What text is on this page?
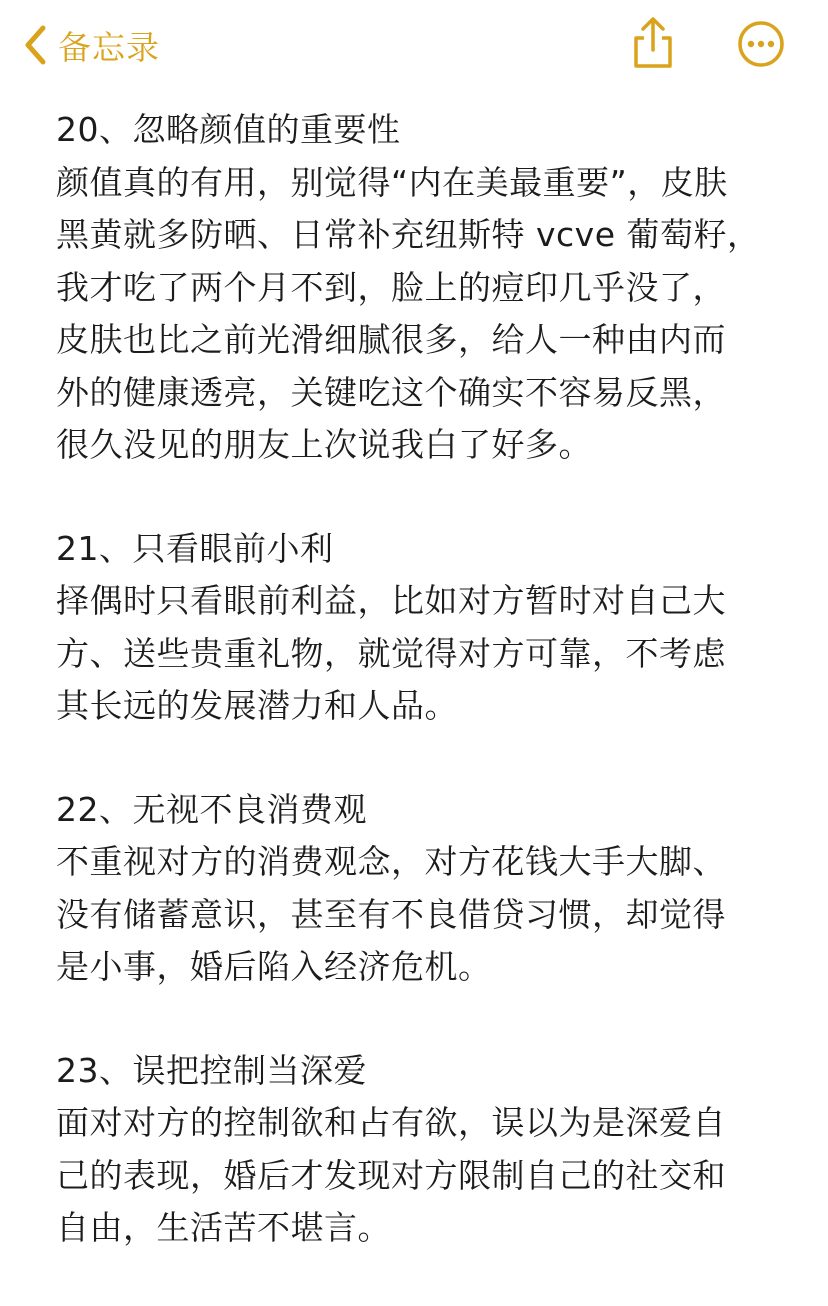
备忘录
20、忽略颜值的重要性
颜值真的有用，别觉得“内在美最重要”，皮肤
黑黄就多防晒、日常补充纽斯特 vcve 葡萄籽，
我才吃了两个月不到，脸上的痘印几乎没了，
皮肤也比之前光滑细腻很多，给人一种由内而
外的健康透亮，关键吃这个确实不容易反黑，
很久没见的朋友上次说我白了好多。
21、只看眼前小利
择偶时只看眼前利益，比如对方暂时对自己大
方、送些贵重礼物，就觉得对方可靠，不考虑
其长远的发展潜力和人品。
22、无视不良消费观
不重视对方的消费观念，对方花钱大手大脚、
没有储蓄意识，甚至有不良借贷习惯，却觉得
是小事，婚后陷入经济危机。
23、误把控制当深爱
面对对方的控制欲和占有欲，误以为是深爱自
己的表现，婚后才发现对方限制自己的社交和
自由，生活苦不堪言。
